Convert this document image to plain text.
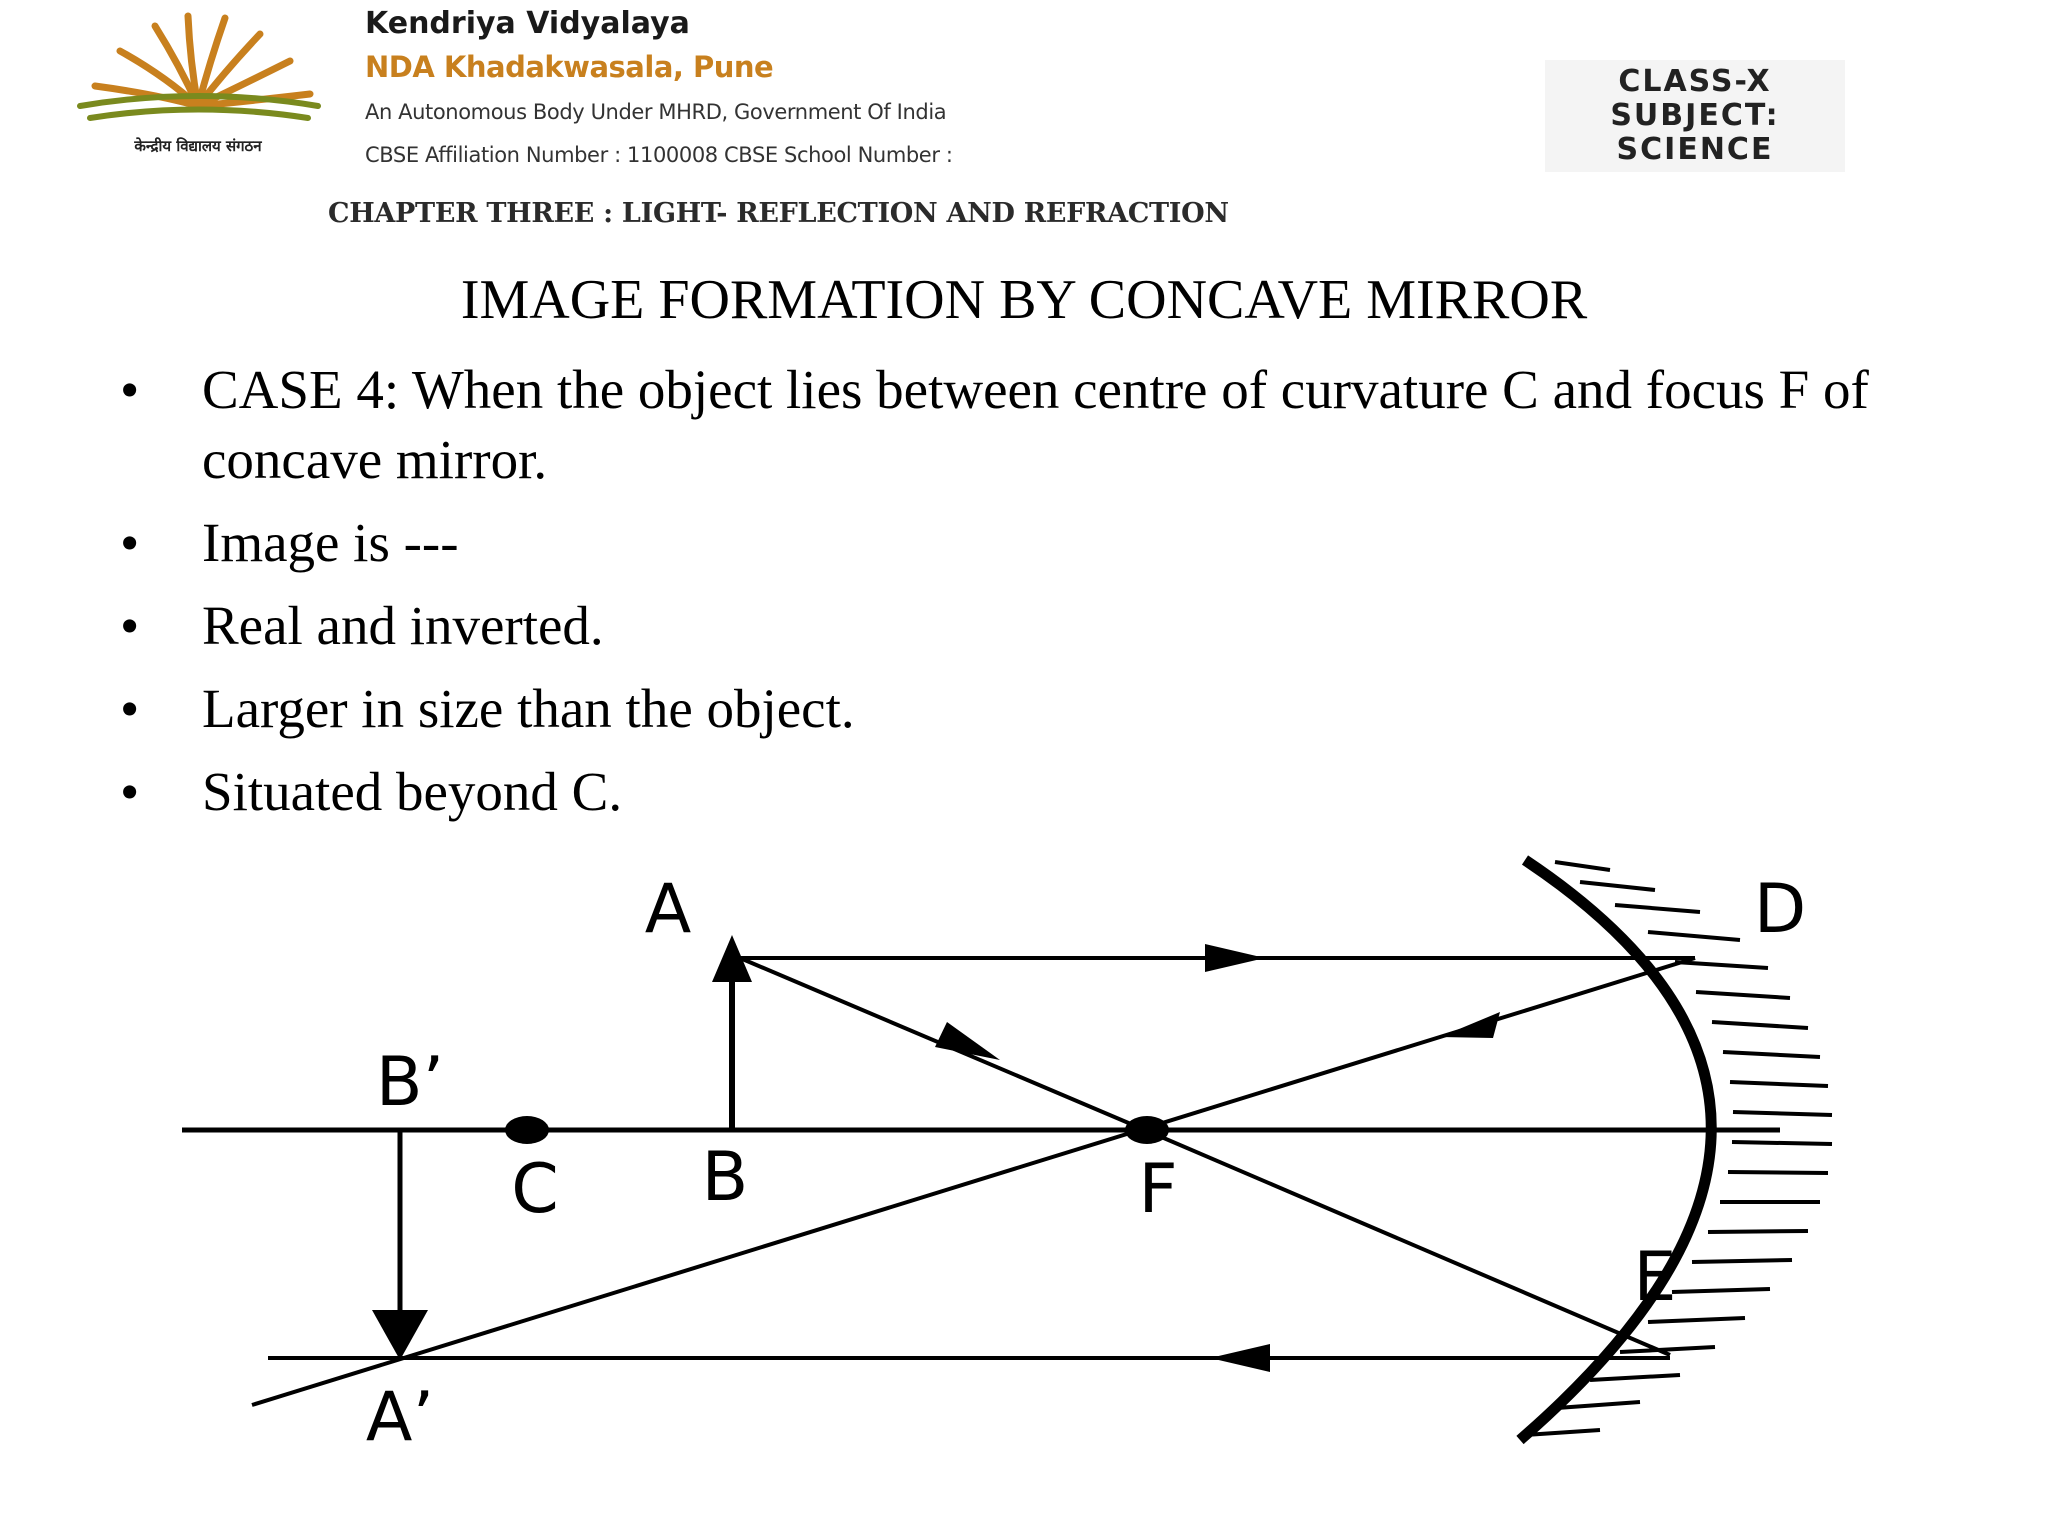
केन्द्रीय विद्यालय संगठन
Kendriya Vidyalaya
NDA Khadakwasala, Pune
An Autonomous Body Under MHRD, Government Of India
CBSE Affiliation Number : 1100008 CBSE School Number :
CLASS-X
SUBJECT:
SCIENCE
CHAPTER THREE : LIGHT- REFLECTION AND REFRACTION
IMAGE FORMATION BY CONCAVE MIRROR
• CASE 4: When the object lies between centre of curvature C and focus F of concave mirror.
• Image is ---
• Real and inverted.
• Larger in size than the object.
• Situated beyond C.
A
B
C	F
D
E
B’
A’
